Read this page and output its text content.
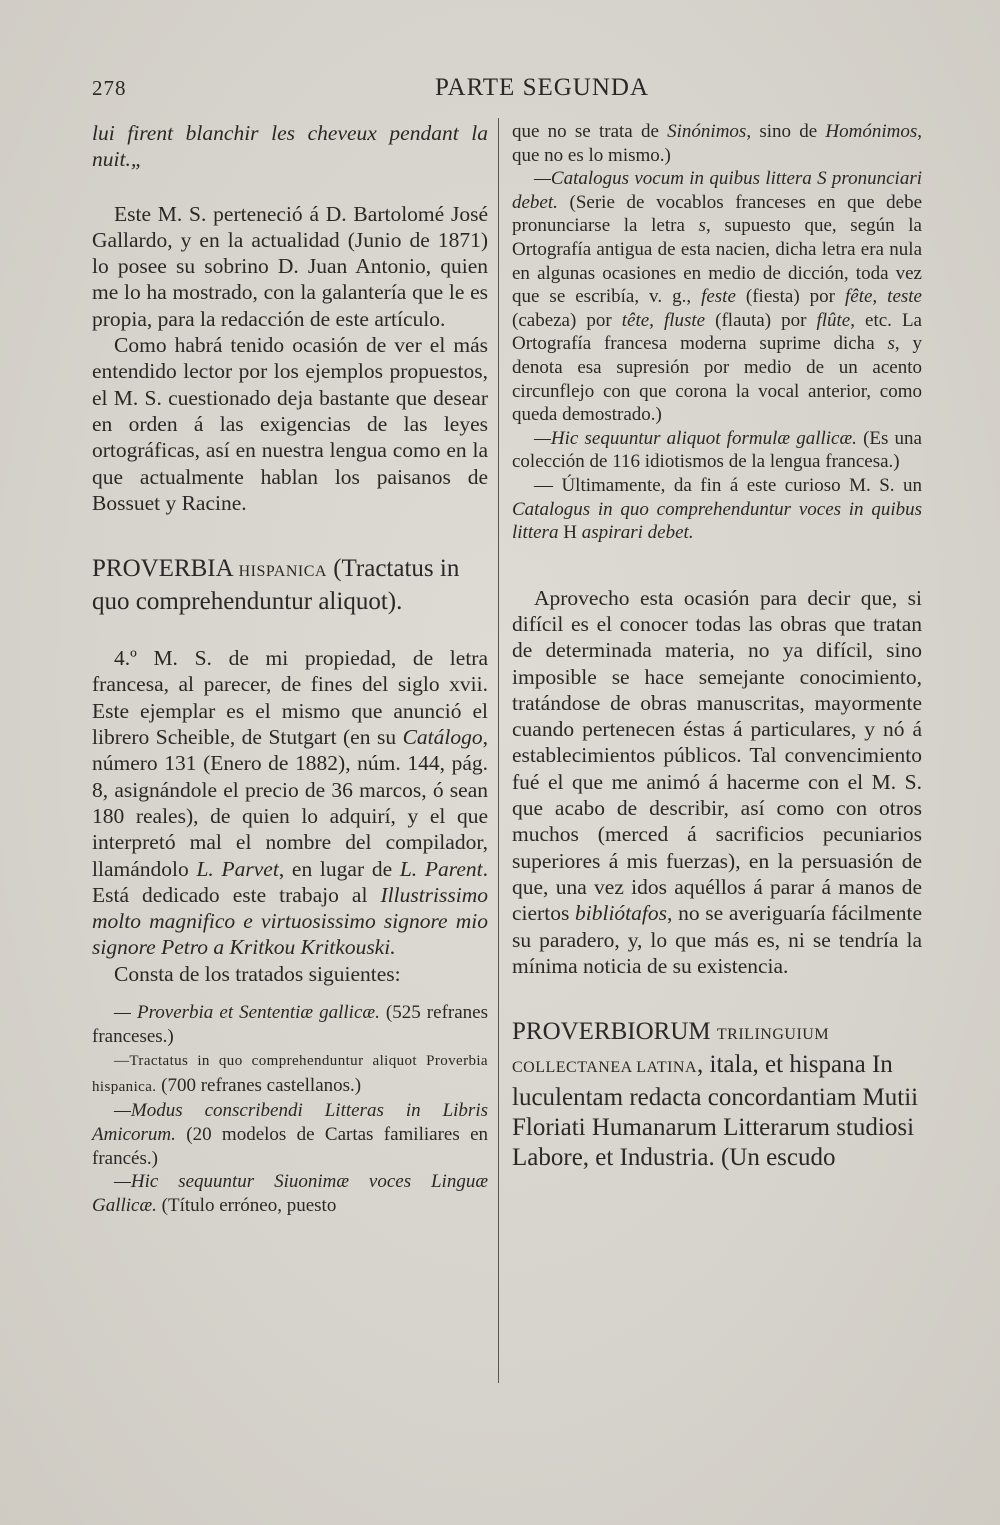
278	PARTE SEGUNDA

lui firent blanchir les cheveux pendant la nuit.„

Este M. S. perteneció á D. Bartolomé José Gallardo, y en la actualidad (Junio de 1871) lo posee su sobrino D. Juan Antonio, quien me lo ha mostrado, con la galantería que le es propia, para la redacción de este artículo.

Como habrá tenido ocasión de ver el más entendido lector por los ejemplos propuestos, el M. S. cuestionado deja bastante que desear en orden á las exigencias de las leyes ortográficas, así en nuestra lengua como en la que actualmente hablan los paisanos de Bossuet y Racine.

PROVERBIA HISPANICA (Tractatus in quo comprehenduntur aliquot).

4.º M. S. de mi propiedad, de letra francesa, al parecer, de fines del siglo xvii. Este ejemplar es el mismo que anunció el librero Scheible, de Stutgart (en su Catálogo, número 131 (Enero de 1882), núm. 144, pág. 8, asignándole el precio de 36 marcos, ó sean 180 reales), de quien lo adquirí, y el que interpretó mal el nombre del compilador, llamándolo L. Parvet, en lugar de L. Parent. Está dedicado este trabajo al Illustrissimo molto magnifico e virtuosissimo signore mio signore Petro a Kritkou Kritkouski.

Consta de los tratados siguientes:

— Proverbia et Sententiæ gallicæ. (525 refranes franceses.)

—Tractatus in quo comprehenduntur aliquot Proverbia hispanica. (700 refranes castellanos.)

—Modus conscribendi Litteras in Libris Amicorum. (20 modelos de Cartas familiares en francés.)

—Hic sequuntur Siuonimæ voces Linguæ Gallicæ. (Título erróneo, puesto

que no se trata de Sinónimos, sino de Homónimos, que no es lo mismo.)

—Catalogus vocum in quibus littera S pronunciari debet. (Serie de vocablos franceses en que debe pronunciarse la letra s, supuesto que, según la Ortografía antigua de esta nacien, dicha letra era nula en algunas ocasiones en medio de dicción, toda vez que se escribía, v. g., feste (fiesta) por fête, teste (cabeza) por tête, fluste (flauta) por flûte, etc. La Ortografía francesa moderna suprime dicha s, y denota esa supresión por medio de un acento circunflejo con que corona la vocal anterior, como queda demostrado.)

—Hic sequuntur aliquot formulæ gallicæ. (Es una colección de 116 idiotismos de la lengua francesa.)

— Últimamente, da fin á este curioso M. S. un Catalogus in quo comprehenduntur voces in quibus littera H aspirari debet.

Aprovecho esta ocasión para decir que, si difícil es el conocer todas las obras que tratan de determinada materia, no ya difícil, sino imposible se hace semejante conocimiento, tratándose de obras manuscritas, mayormente cuando pertenecen éstas á particulares, y nó á establecimientos públicos. Tal convencimiento fué el que me animó á hacerme con el M. S. que acabo de describir, así como con otros muchos (merced á sacrificios pecuniarios superiores á mis fuerzas), en la persuasión de que, una vez idos aquéllos á parar á manos de ciertos bibliótafos, no se averiguaría fácilmente su paradero, y, lo que más es, ni se tendría la mínima noticia de su existencia.

PROVERBIORUM TRILINGUIUM COLLECTANEA LATINA, itala, et hispana In luculentam redacta concordantiam Mutii Floriati Humanarum Litterarum studiosi Labore, et Industria. (Un escudo
